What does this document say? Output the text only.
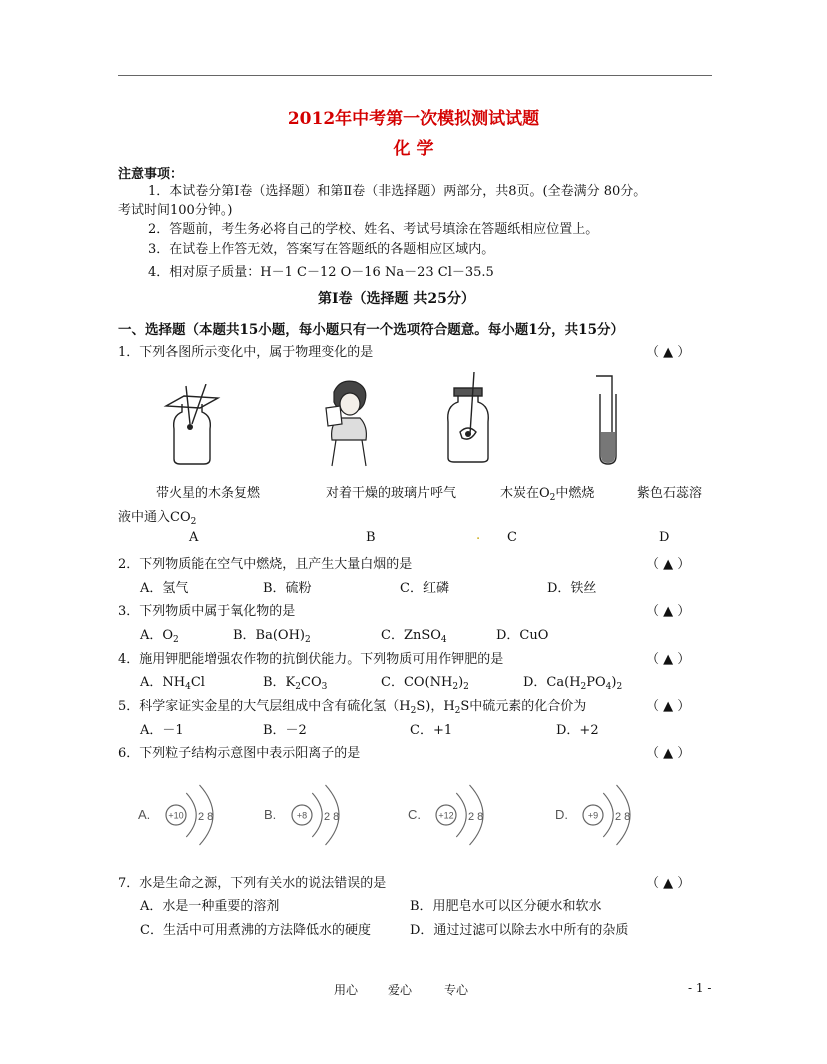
2012年中考第一次模拟测试试题
化 学
注意事项：
1．本试卷分第Ⅰ卷（选择题）和第Ⅱ卷（非选择题）两部分，共8页。(全卷满分 80分。
考试时间100分钟。)
2．答题前，考生务必将自己的学校、姓名、考试号填涂在答题纸相应位置上。
3．在试卷上作答无效，答案写在答题纸的各题相应区域内。
4．相对原子质量：H－1 C－12 O－16 Na－23 Cl－35.5
第Ⅰ卷（选择题 共25分）
一、选择题（本题共15小题，每小题只有一个选项符合题意。每小题1分，共15分）
1．下列各图所示变化中，属于物理变化的是	（ ▲ ）
带火星的木条复燃	对着干燥的玻璃片呼气	木炭在$O_2$中燃烧	紫色石蕊溶
液中通入$CO_2$
A	B	. C	D
2．下列物质能在空气中燃烧，且产生大量白烟的是	（ ▲ ）
A．氢气	B．硫粉	C．红磷	D．铁丝
3．下列物质中属于氧化物的是	（ ▲ ）
A．$O_2$	B．$Ba(OH)_2$	C．ZnSO$_4$	D．CuO
4．施用钾肥能增强农作物的抗倒伏能力。下列物质可用作钾肥的是	（ ▲ ）
A．$NH_4Cl$	B．$K_2CO_3$	C．$CO(NH_2)_2$	D．$Ca(H_2PO_4)_2$
5．科学家证实金星的大气层组成中含有硫化氢$(H_2S)$，$H_2S$中硫元素的化合价为	（ ▲ ）
A．－1	B．－2	C．+1	D．+2
6．下列粒子结构示意图中表示阳离子的是	（ ▲ ）
A. +10 2 8	B. +8 2 8	C. +12 2 8	D. +9 2 8
7．水是生命之源，下列有关水的说法错误的是	（ ▲ ）
A．水是一种重要的溶剂	B．用肥皂水可以区分硬水和软水
C．生活中可用煮沸的方法降低水的硬度	D．通过过滤可以除去水中所有的杂质
用心 爱心	专心	- 1 -
